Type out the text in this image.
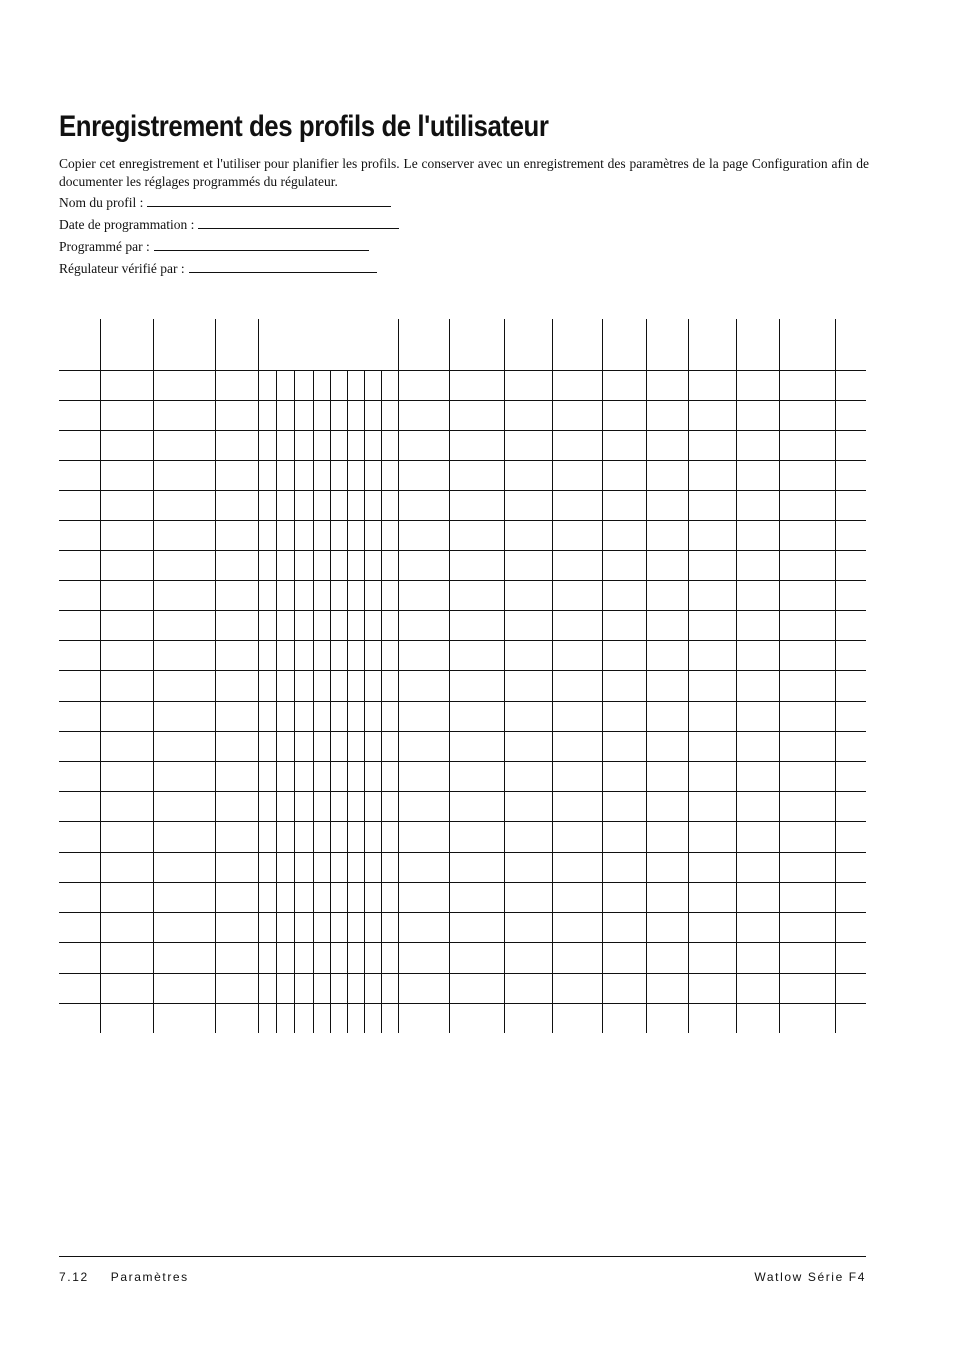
Enregistrement des profils de l'utilisateur

Copier cet enregistrement et l'utiliser pour planifier les profils. Le conserver avec un enregistrement des paramètres de la page Configuration afin de documenter les réglages programmés du régulateur.

Nom du profil :

Date de programmation :

Programmé par :

Régulateur vérifié par :

7.12 Paramètres	Watlow Série F4
